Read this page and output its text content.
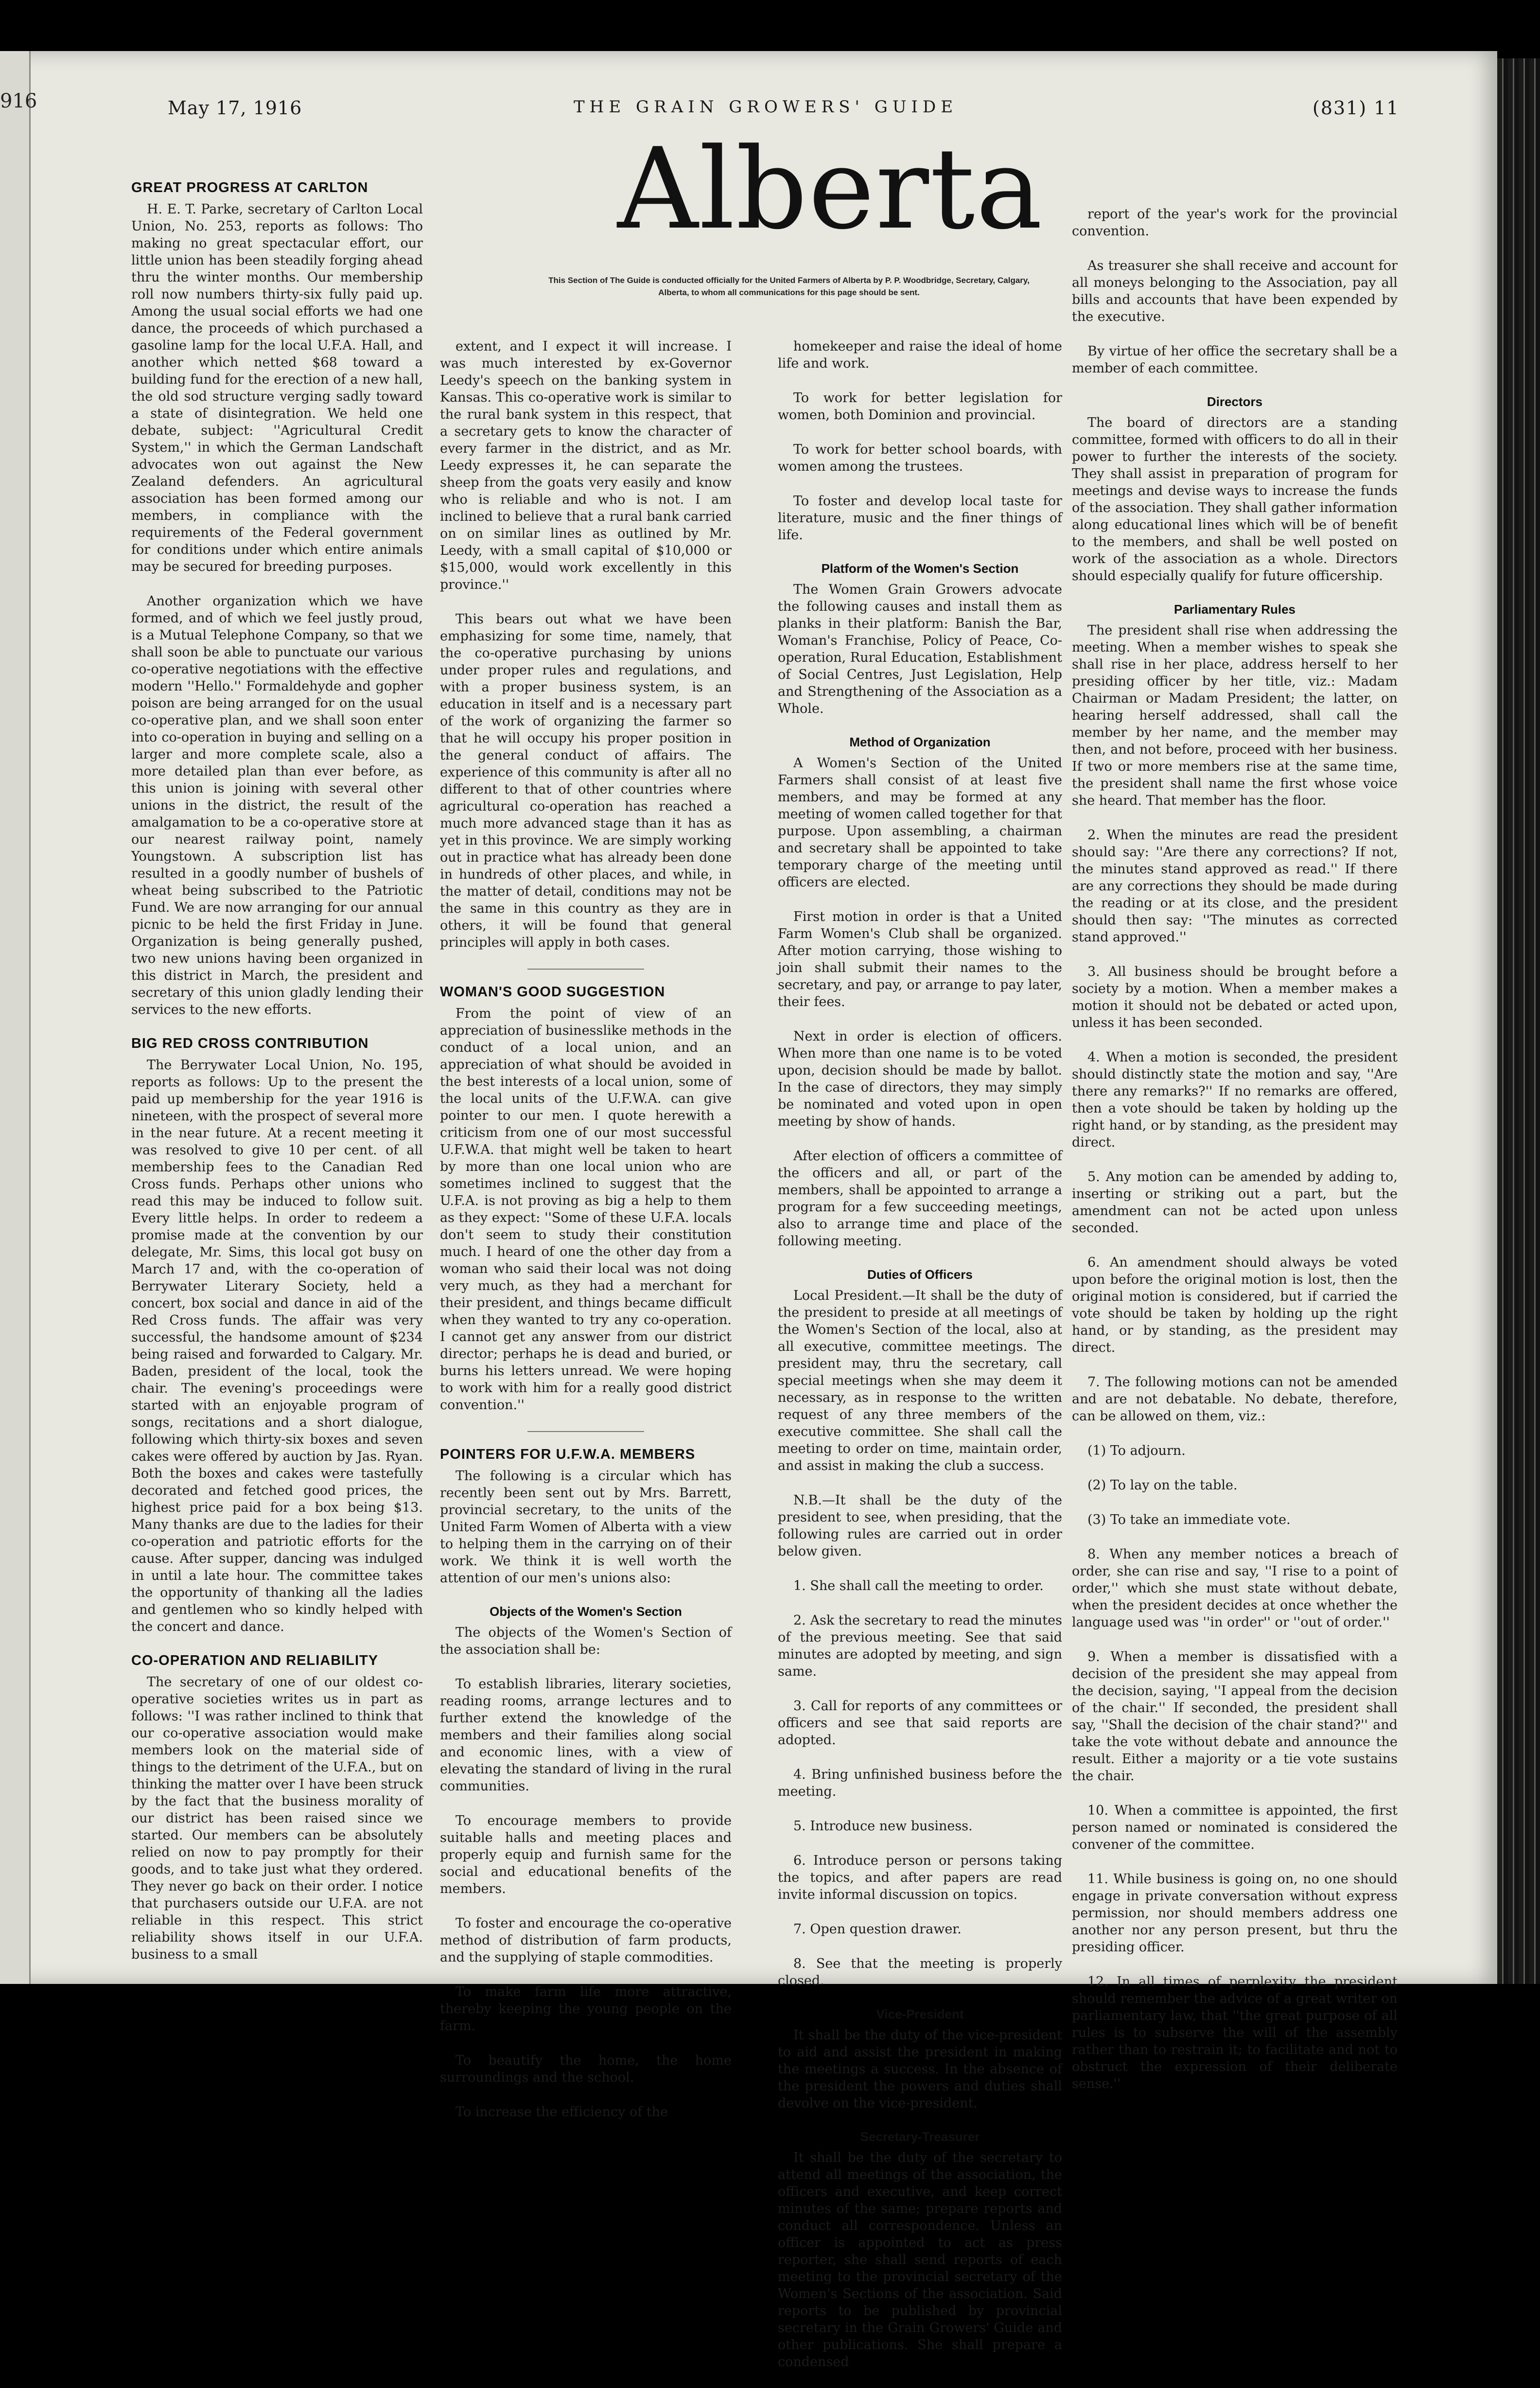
916	May 17, 1916	THE GRAIN GROWERS' GUIDE	(831) 11
Alberta
This Section of The Guide is conducted officially for the United Farmers of Alberta by P. P. Woodbridge, Secretary, Calgary, Alberta, to whom all communications for this page should be sent.
GREAT PROGRESS AT CARLTON

H. E. T. Parke, secretary of Carlton Local Union, No. 253, reports as follows: Tho making no great spectacular effort, our little union has been steadily forging ahead thru the winter months. Our membership roll now numbers thirty-six fully paid up. Among the usual social efforts we had one dance, the proceeds of which purchased a gasoline lamp for the local U.F.A. Hall, and another which netted $68 toward a building fund for the erection of a new hall, the old sod structure verging sadly toward a state of disintegration. We held one debate, subject: ''Agricultural Credit System,'' in which the German Landschaft advocates won out against the New Zealand defenders. An agricultural association has been formed among our members, in compliance with the requirements of the Federal government for conditions under which entire animals may be secured for breeding purposes.

Another organization which we have formed, and of which we feel justly proud, is a Mutual Telephone Company, so that we shall soon be able to punctuate our various co-operative negotiations with the effective modern ''Hello.'' Formaldehyde and gopher poison are being arranged for on the usual co-operative plan, and we shall soon enter into co-operation in buying and selling on a larger and more complete scale, also a more detailed plan than ever before, as this union is joining with several other unions in the district, the result of the amalgamation to be a co-operative store at our nearest railway point, namely Youngstown. A subscription list has resulted in a goodly number of bushels of wheat being subscribed to the Patriotic Fund. We are now arranging for our annual picnic to be held the first Friday in June. Organization is being generally pushed, two new unions having been organized in this district in March, the president and secretary of this union gladly lending their services to the new efforts.

BIG RED CROSS CONTRIBUTION

The Berrywater Local Union, No. 195, reports as follows: Up to the present the paid up membership for the year 1916 is nineteen, with the prospect of several more in the near future. At a recent meeting it was resolved to give 10 per cent. of all membership fees to the Canadian Red Cross funds. Perhaps other unions who read this may be induced to follow suit. Every little helps. In order to redeem a promise made at the convention by our delegate, Mr. Sims, this local got busy on March 17 and, with the co-operation of Berrywater Literary Society, held a concert, box social and dance in aid of the Red Cross funds. The affair was very successful, the handsome amount of $234 being raised and forwarded to Calgary. Mr. Baden, president of the local, took the chair. The evening's proceedings were started with an enjoyable program of songs, recitations and a short dialogue, following which thirty-six boxes and seven cakes were offered by auction by Jas. Ryan. Both the boxes and cakes were tastefully decorated and fetched good prices, the highest price paid for a box being $13. Many thanks are due to the ladies for their co-operation and patriotic efforts for the cause. After supper, dancing was indulged in until a late hour. The committee takes the opportunity of thanking all the ladies and gentlemen who so kindly helped with the concert and dance.

CO-OPERATION AND RELIABILITY

The secretary of one of our oldest co-operative societies writes us in part as follows: ''I was rather inclined to think that our co-operative association would make members look on the material side of things to the detriment of the U.F.A., but on thinking the matter over I have been struck by the fact that the business morality of our district has been raised since we started. Our members can be absolutely relied on now to pay promptly for their goods, and to take just what they ordered. They never go back on their order. I notice that purchasers outside our U.F.A. are not reliable in this respect. This strict reliability shows itself in our U.F.A. business to a small

extent, and I expect it will increase. I was much interested by ex-Governor Leedy's speech on the banking system in Kansas. This co-operative work is similar to the rural bank system in this respect, that a secretary gets to know the character of every farmer in the district, and as Mr. Leedy expresses it, he can separate the sheep from the goats very easily and know who is reliable and who is not. I am inclined to believe that a rural bank carried on on similar lines as outlined by Mr. Leedy, with a small capital of $10,000 or $15,000, would work excellently in this province.''

This bears out what we have been emphasizing for some time, namely, that the co-operative purchasing by unions under proper rules and regulations, and with a proper business system, is an education in itself and is a necessary part of the work of organizing the farmer so that he will occupy his proper position in the general conduct of affairs. The experience of this community is after all no different to that of other countries where agricultural co-operation has reached a much more advanced stage than it has as yet in this province. We are simply working out in practice what has already been done in hundreds of other places, and while, in the matter of detail, conditions may not be the same in this country as they are in others, it will be found that general principles will apply in both cases.

WOMAN'S GOOD SUGGESTION

From the point of view of an appreciation of businesslike methods in the conduct of a local union, and an appreciation of what should be avoided in the best interests of a local union, some of the local units of the U.F.W.A. can give pointer to our men. I quote herewith a criticism from one of our most successful U.F.W.A. that might well be taken to heart by more than one local union who are sometimes inclined to suggest that the U.F.A. is not proving as big a help to them as they expect: ''Some of these U.F.A. locals don't seem to study their constitution much. I heard of one the other day from a woman who said their local was not doing very much, as they had a merchant for their president, and things became difficult when they wanted to try any co-operation. I cannot get any answer from our district director; perhaps he is dead and buried, or burns his letters unread. We were hoping to work with him for a really good district convention.''

POINTERS FOR U.F.W.A. MEMBERS

The following is a circular which has recently been sent out by Mrs. Barrett, provincial secretary, to the units of the United Farm Women of Alberta with a view to helping them in the carrying on of their work. We think it is well worth the attention of our men's unions also:

Objects of the Women's Section

The objects of the Women's Section of the association shall be:

To establish libraries, literary societies, reading rooms, arrange lectures and to further extend the knowledge of the members and their families along social and economic lines, with a view of elevating the standard of living in the rural communities.

To encourage members to provide suitable halls and meeting places and properly equip and furnish same for the social and educational benefits of the members.

To foster and encourage the co-operative method of distribution of farm products, and the supplying of staple commodities.

To make farm life more attractive, thereby keeping the young people on the farm.

To beautify the home, the home surroundings and the school.

To increase the efficiency of the

homekeeper and raise the ideal of home life and work.

To work for better legislation for women, both Dominion and provincial.

To work for better school boards, with women among the trustees.

To foster and develop local taste for literature, music and the finer things of life.

Platform of the Women's Section

The Women Grain Growers advocate the following causes and install them as planks in their platform: Banish the Bar, Woman's Franchise, Policy of Peace, Co-operation, Rural Education, Establishment of Social Centres, Just Legislation, Help and Strengthening of the Association as a Whole.

Method of Organization

A Women's Section of the United Farmers shall consist of at least five members, and may be formed at any meeting of women called together for that purpose. Upon assembling, a chairman and secretary shall be appointed to take temporary charge of the meeting until officers are elected.

First motion in order is that a United Farm Women's Club shall be organized. After motion carrying, those wishing to join shall submit their names to the secretary, and pay, or arrange to pay later, their fees.

Next in order is election of officers. When more than one name is to be voted upon, decision should be made by ballot. In the case of directors, they may simply be nominated and voted upon in open meeting by show of hands.

After election of officers a committee of the officers and all, or part of the members, shall be appointed to arrange a program for a few succeeding meetings, also to arrange time and place of the following meeting.

Duties of Officers

Local President.—It shall be the duty of the president to preside at all meetings of the Women's Section of the local, also at all executive, committee meetings. The president may, thru the secretary, call special meetings when she may deem it necessary, as in response to the written request of any three members of the executive committee. She shall call the meeting to order on time, maintain order, and assist in making the club a success.

N.B.—It shall be the duty of the president to see, when presiding, that the following rules are carried out in order below given.

1. She shall call the meeting to order.

2. Ask the secretary to read the minutes of the previous meeting. See that said minutes are adopted by meeting, and sign same.

3. Call for reports of any committees or officers and see that said reports are adopted.

4. Bring unfinished business before the meeting.

5. Introduce new business.

6. Introduce person or persons taking the topics, and after papers are read invite informal discussion on topics.

7. Open question drawer.

8. See that the meeting is properly closed.

Vice-President

It shall be the duty of the vice-president to aid and assist the president in making the meetings a success. In the absence of the president the powers and duties shall devolve on the vice-president.

Secretary-Treasurer

It shall be the duty of the secretary to attend all meetings of the association, the officers and executive, and keep correct minutes of the same; prepare reports and conduct all correspondence. Unless an officer is appointed to act as press reporter, she shall send reports of each meeting to the provincial secretary of the Women's Sections of the association. Said reports to be published by provincial secretary in the Grain Growers' Guide and other publications. She shall prepare a condensed

report of the year's work for the provincial convention.

As treasurer she shall receive and account for all moneys belonging to the Association, pay all bills and accounts that have been expended by the executive.

By virtue of her office the secretary shall be a member of each committee.

Directors

The board of directors are a standing committee, formed with officers to do all in their power to further the interests of the society. They shall assist in preparation of program for meetings and devise ways to increase the funds of the association. They shall gather information along educational lines which will be of benefit to the members, and shall be well posted on work of the association as a whole. Directors should especially qualify for future officership.

Parliamentary Rules

The president shall rise when addressing the meeting. When a member wishes to speak she shall rise in her place, address herself to her presiding officer by her title, viz.: Madam Chairman or Madam President; the latter, on hearing herself addressed, shall call the member by her name, and the member may then, and not before, proceed with her business. If two or more members rise at the same time, the president shall name the first whose voice she heard. That member has the floor.

2. When the minutes are read the president should say: ''Are there any corrections? If not, the minutes stand approved as read.'' If there are any corrections they should be made during the reading or at its close, and the president should then say: ''The minutes as corrected stand approved.''

3. All business should be brought before a society by a motion. When a member makes a motion it should not be debated or acted upon, unless it has been seconded.

4. When a motion is seconded, the president should distinctly state the motion and say, ''Are there any remarks?'' If no remarks are offered, then a vote should be taken by holding up the right hand, or by standing, as the president may direct.

5. Any motion can be amended by adding to, inserting or striking out a part, but the amendment can not be acted upon unless seconded.

6. An amendment should always be voted upon before the original motion is lost, then the original motion is considered, but if carried the vote should be taken by holding up the right hand, or by standing, as the president may direct.

7. The following motions can not be amended and are not debatable. No debate, therefore, can be allowed on them, viz.:

(1) To adjourn.

(2) To lay on the table.

(3) To take an immediate vote.

8. When any member notices a breach of order, she can rise and say, ''I rise to a point of order,'' which she must state without debate, when the president decides at once whether the language used was ''in order'' or ''out of order.''

9. When a member is dissatisfied with a decision of the president she may appeal from the decision, saying, ''I appeal from the decision of the chair.'' If seconded, the president shall say, ''Shall the decision of the chair stand?'' and take the vote without debate and announce the result. Either a majority or a tie vote sustains the chair.

10. When a committee is appointed, the first person named or nominated is considered the convener of the committee.

11. While business is going on, no one should engage in private conversation without express permission, nor should members address one another nor any person present, but thru the presiding officer.

12. In all times of perplexity the president should remember the advice of a great writer on parliamentary law, that ''the great purpose of all rules is to subserve the will of the assembly rather than to restrain it; to facilitate and not to obstruct the expression of their deliberate sense.''
